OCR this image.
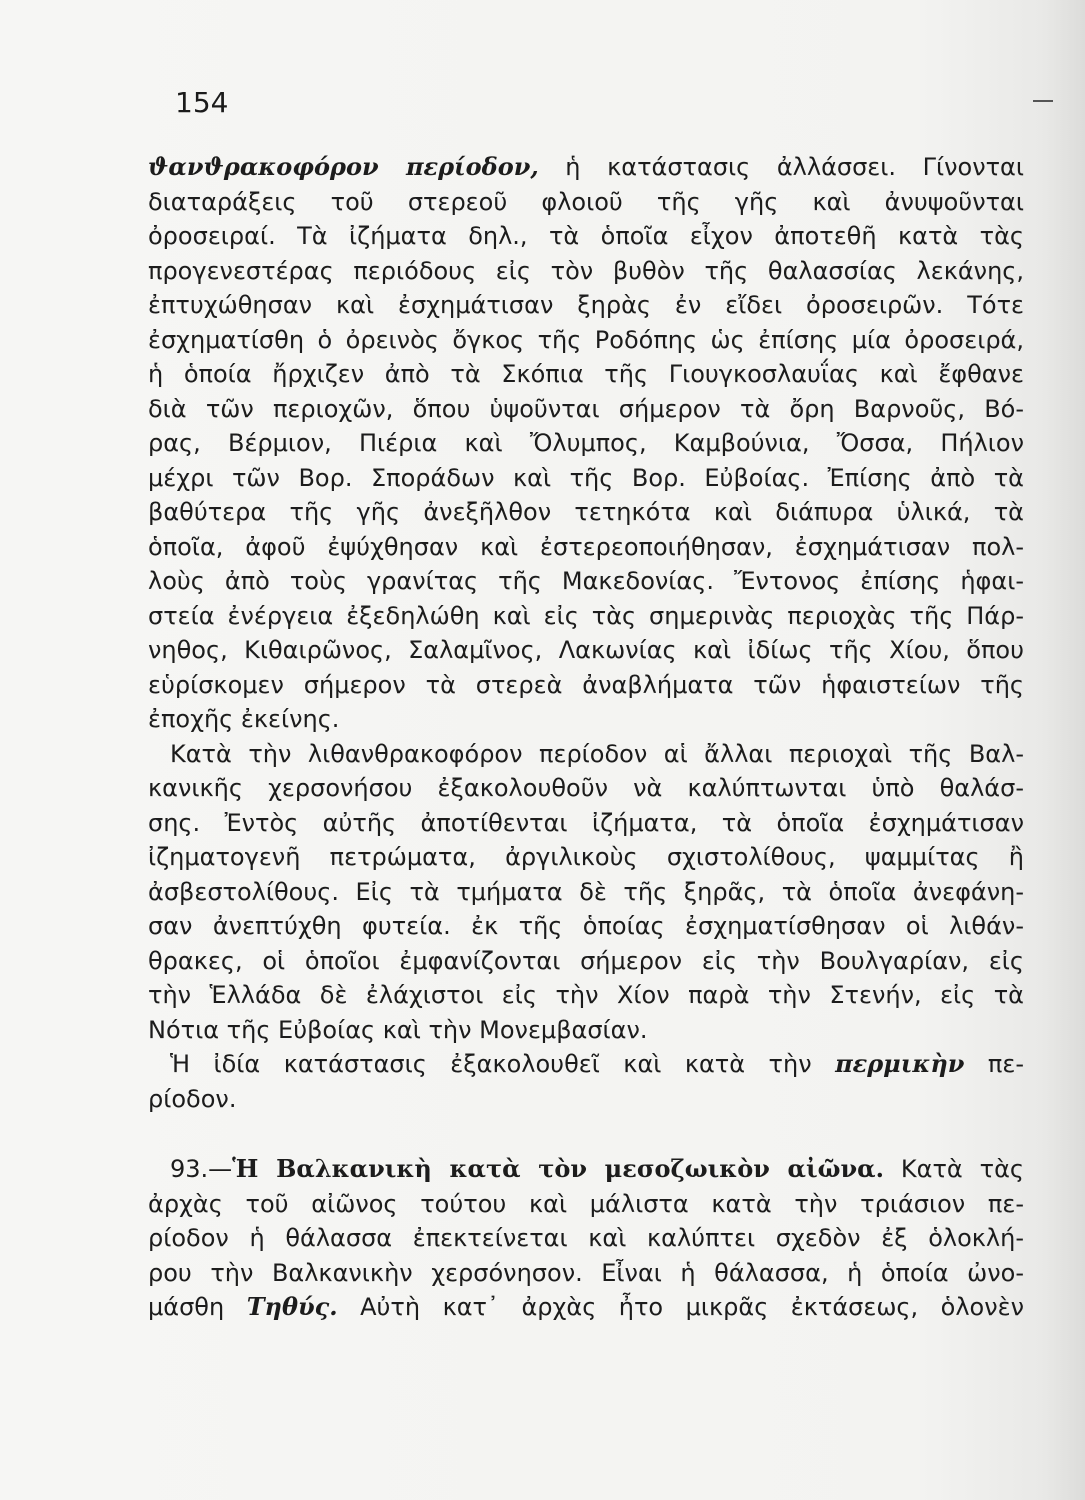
154
ϑανϑρακοφόρον περίοδον, ἡ κατάστασις ἀλλάσσει. Γίνονται
διαταράξεις τοῦ στερεοῦ φλοιοῦ τῆς γῆς καὶ ἀνυψοῦνται
ὀροσειραί. Τὰ ἰζήματα δηλ., τὰ ὁποῖα εἶχον ἀποτεθῆ κατὰ τὰς
προγενεστέρας περιόδους εἰς τὸν βυθὸν τῆς θαλασσίας λεκάνης,
ἐπτυχώθησαν καὶ ἐσχημάτισαν ξηρὰς ἐν εἴδει ὀροσειρῶν. Τότε
ἐσχηματίσθη ὁ ὀρεινὸς ὄγκος τῆς Ροδόπης ὡς ἐπίσης μία ὀροσειρά,
ἡ ὁποία ἤρχιζεν ἀπὸ τὰ Σκόπια τῆς Γιουγκοσλαυΐας καὶ ἔφθανε
διὰ τῶν περιοχῶν, ὅπου ὑψοῦνται σήμερον τὰ ὄρη Βαρνοῦς, Βό-
ρας, Βέρμιον, Πιέρια καὶ Ὄλυμπος, Καμβούνια, Ὄσσα, Πήλιον
μέχρι τῶν Βορ. Σποράδων καὶ τῆς Βορ. Εὐβοίας. Ἐπίσης ἀπὸ τὰ
βαθύτερα τῆς γῆς ἀνεξῆλθον τετηκότα καὶ διάπυρα ὑλικά, τὰ
ὁποῖα, ἀφοῦ ἐψύχθησαν καὶ ἐστερεοποιήθησαν, ἐσχημάτισαν πολ-
λοὺς ἀπὸ τοὺς γρανίτας τῆς Μακεδονίας. Ἔντονος ἐπίσης ἡφαι-
στεία ἐνέργεια ἐξεδηλώθη καὶ εἰς τὰς σημερινὰς περιοχὰς τῆς Πάρ-
νηθος, Κιθαιρῶνος, Σαλαμῖνος, Λακωνίας καὶ ἰδίως τῆς Χίου, ὅπου
εὑρίσκομεν σήμερον τὰ στερεὰ ἀναβλήματα τῶν ἡφαιστείων τῆς
ἐποχῆς ἐκείνης.
Κατὰ τὴν λιθανθρακοφόρον περίοδον αἱ ἄλλαι περιοχαὶ τῆς Βαλ-
κανικῆς χερσονήσου ἐξακολουθοῦν νὰ καλύπτωνται ὑπὸ θαλάσ-
σης. Ἐντὸς αὐτῆς ἀποτίθενται ἰζήματα, τὰ ὁποῖα ἐσχημάτισαν
ἰζηματογενῆ πετρώματα, ἀργιλικοὺς σχιστολίθους, ψαμμίτας ἢ
ἀσβεστολίθους. Εἰς τὰ τμήματα δὲ τῆς ξηρᾶς, τὰ ὁποῖα ἀνεφάνη-
σαν ἀνεπτύχθη φυτεία. ἐκ τῆς ὁποίας ἐσχηματίσθησαν οἱ λιθάν-
θρακες, οἱ ὁποῖοι ἐμφανίζονται σήμερον εἰς τὴν Βουλγαρίαν, εἰς
τὴν Ἑλλάδα δὲ ἐλάχιστοι εἰς τὴν Χίον παρὰ τὴν Στενήν, εἰς τὰ
Νότια τῆς Εὐβοίας καὶ τὴν Μονεμβασίαν.
Ἡ ἰδία κατάστασις ἐξακολουθεῖ καὶ κατὰ τὴν περμικὴν πε-
ρίοδον.
93.—Ἡ Βαλκανικὴ κατὰ τὸν μεσοζωικὸν αἰῶνα. Κατὰ τὰς
ἀρχὰς τοῦ αἰῶνος τούτου καὶ μάλιστα κατὰ τὴν τριάσιον πε-
ρίοδον ἡ θάλασσα ἐπεκτείνεται καὶ καλύπτει σχεδὸν ἐξ ὁλοκλή-
ρου τὴν Βαλκανικὴν χερσόνησον. Εἶναι ἡ θάλασσα, ἡ ὁποία ὠνο-
μάσθη Τηθύς. Αὐτὴ κατ᾽ ἀρχὰς ἦτο μικρᾶς ἐκτάσεως, ὁλονὲν
